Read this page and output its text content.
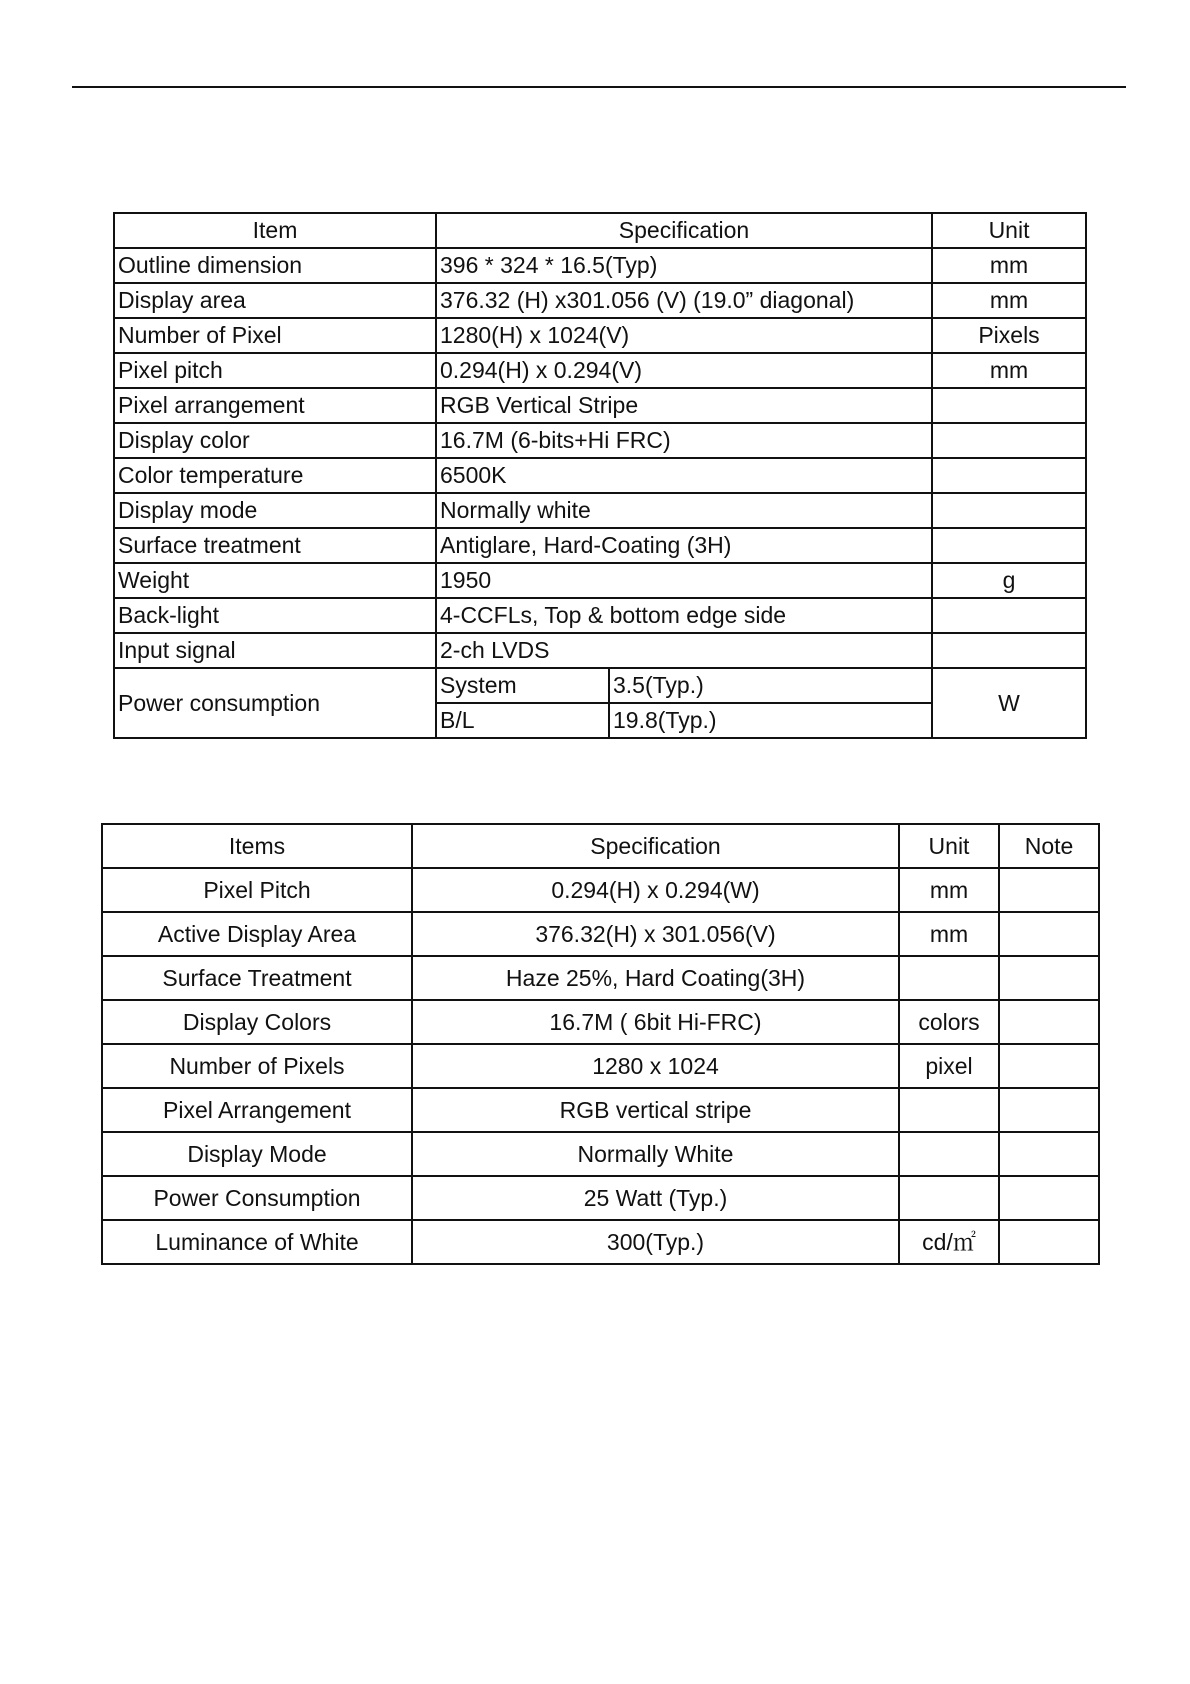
Item	Specification		Unit
Outline dimension	396 * 324 * 16.5(Typ)		mm
Display area	376.32 (H) x301.056 (V) (19.0” diagonal)		mm
Number of Pixel	1280(H) x 1024(V)		Pixels
Pixel pitch	0.294(H) x 0.294(V)		mm
Pixel arrangement	RGB Vertical Stripe		
Display color	16.7M (6-bits+Hi FRC)		
Color temperature	6500K		
Display mode	Normally white		
Surface treatment	Antiglare, Hard-Coating (3H)		
Weight	1950		g
Back-light	4-CCFLs, Top & bottom edge side		
Input signal	2-ch LVDS		
Power consumption	System	3.5(Typ.)	W
	B/L	19.8(Typ.)	
Items	Specification	Unit	Note
Pixel Pitch	0.294(H) x 0.294(W)	mm	
Active Display Area	376.32(H) x 301.056(V)	mm	
Surface Treatment	Haze 25%, Hard Coating(3H)		
Display Colors	16.7M ( 6bit Hi-FRC)	colors	
Number of Pixels	1280 x 1024	pixel	
Pixel Arrangement	RGB vertical stripe		
Display Mode	Normally White		
Power Consumption	25 Watt (Typ.)		
Luminance of White	300(Typ.)	cd/㎡	
